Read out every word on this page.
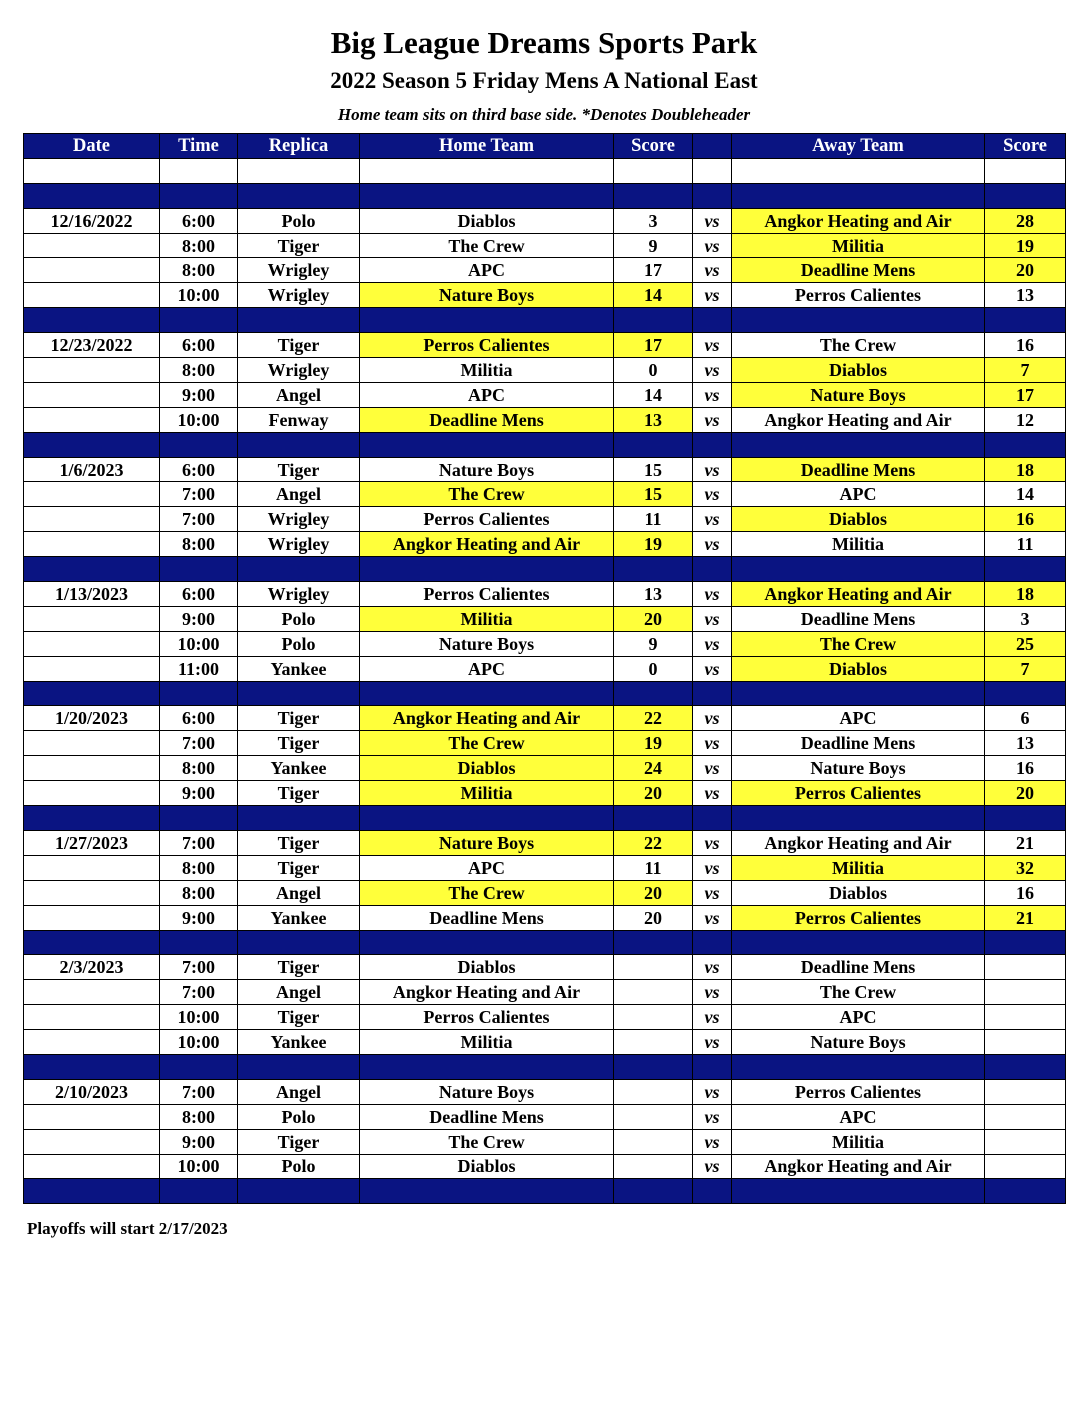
Big League Dreams Sports Park
2022 Season 5 Friday Mens A National East
Home team sits on third base side. *Denotes Doubleheader
Date	Time	Replica	Home Team	Score		Away Team	Score

12/16/2022	6:00	Polo	Diablos	3	vs	Angkor Heating and Air	28
	8:00	Tiger	The Crew	9	vs	Militia	19
	8:00	Wrigley	APC	17	vs	Deadline Mens	20
	10:00	Wrigley	Nature Boys	14	vs	Perros Calientes	13

12/23/2022	6:00	Tiger	Perros Calientes	17	vs	The Crew	16
	8:00	Wrigley	Militia	0	vs	Diablos	7
	9:00	Angel	APC	14	vs	Nature Boys	17
	10:00	Fenway	Deadline Mens	13	vs	Angkor Heating and Air	12

1/6/2023	6:00	Tiger	Nature Boys	15	vs	Deadline Mens	18
	7:00	Angel	The Crew	15	vs	APC	14
	7:00	Wrigley	Perros Calientes	11	vs	Diablos	16
	8:00	Wrigley	Angkor Heating and Air	19	vs	Militia	11

1/13/2023	6:00	Wrigley	Perros Calientes	13	vs	Angkor Heating and Air	18
	9:00	Polo	Militia	20	vs	Deadline Mens	3
	10:00	Polo	Nature Boys	9	vs	The Crew	25
	11:00	Yankee	APC	0	vs	Diablos	7

1/20/2023	6:00	Tiger	Angkor Heating and Air	22	vs	APC	6
	7:00	Tiger	The Crew	19	vs	Deadline Mens	13
	8:00	Yankee	Diablos	24	vs	Nature Boys	16
	9:00	Tiger	Militia	20	vs	Perros Calientes	20

1/27/2023	7:00	Tiger	Nature Boys	22	vs	Angkor Heating and Air	21
	8:00	Tiger	APC	11	vs	Militia	32
	8:00	Angel	The Crew	20	vs	Diablos	16
	9:00	Yankee	Deadline Mens	20	vs	Perros Calientes	21

2/3/2023	7:00	Tiger	Diablos		vs	Deadline Mens	
	7:00	Angel	Angkor Heating and Air		vs	The Crew	
	10:00	Tiger	Perros Calientes		vs	APC	
	10:00	Yankee	Militia		vs	Nature Boys	

2/10/2023	7:00	Angel	Nature Boys		vs	Perros Calientes	
	8:00	Polo	Deadline Mens		vs	APC	
	9:00	Tiger	The Crew		vs	Militia	
	10:00	Polo	Diablos		vs	Angkor Heating and Air	

Playoffs will start 2/17/2023
